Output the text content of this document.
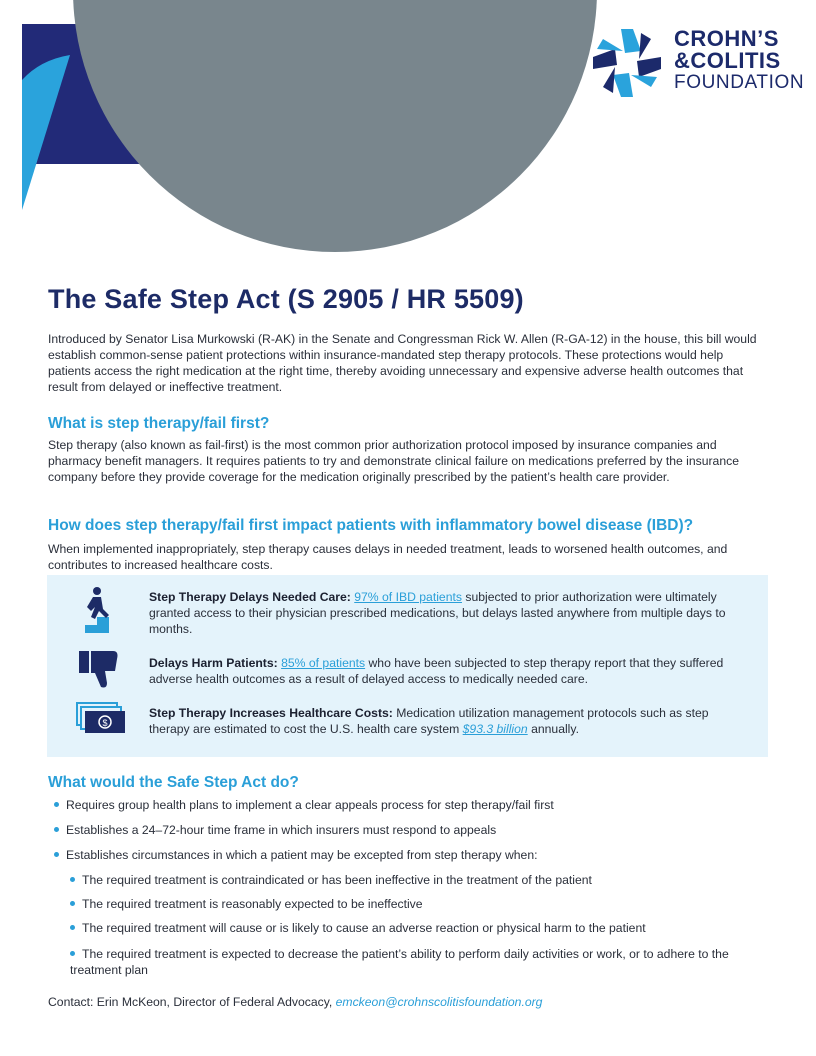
CROHN’S
&COLITIS
FOUNDATION
The Safe Step Act (S 2905 / HR 5509)

Introduced by Senator Lisa Murkowski (R-AK) in the Senate and Congressman Rick W. Allen (R-GA-12) in the house, this bill would establish common-sense patient protections within insurance-mandated step therapy protocols. These protections would help patients access the right medication at the right time, thereby avoiding unnecessary and expensive adverse health outcomes that result from delayed or ineffective treatment.

What is step therapy/fail first?

Step therapy (also known as fail-first) is the most common prior authorization protocol imposed by insurance companies and pharmacy benefit managers. It requires patients to try and demonstrate clinical failure on medications preferred by the insurance company before they provide coverage for the medication originally prescribed by the patient’s health care provider.

How does step therapy/fail first impact patients with inflammatory bowel disease (IBD)?

When implemented inappropriately, step therapy causes delays in needed treatment, leads to worsened health outcomes, and contributes to increased healthcare costs.

Step Therapy Delays Needed Care: 97% of IBD patients subjected to prior authorization were ultimately granted access to their physician prescribed medications, but delays lasted anywhere from multiple days to months.

Delays Harm Patients: 85% of patients who have been subjected to step therapy report that they suffered adverse health outcomes as a result of delayed access to medically needed care.

$

Step Therapy Increases Healthcare Costs: Medication utilization management protocols such as step therapy are estimated to cost the U.S. health care system $93.3 billion annually.

What would the Safe Step Act do?
Requires group health plans to implement a clear appeals process for step therapy/fail first
Establishes a 24–72-hour time frame in which insurers must respond to appeals
Establishes circumstances in which a patient may be excepted from step therapy when:
The required treatment is contraindicated or has been ineffective in the treatment of the patient
The required treatment is reasonably expected to be ineffective
The required treatment will cause or is likely to cause an adverse reaction or physical harm to the patient
The required treatment is expected to decrease the patient’s ability to perform daily activities or work, or to adhere to the treatment plan

Contact: Erin McKeon, Director of Federal Advocacy, emckeon@crohnscolitisfoundation.org
